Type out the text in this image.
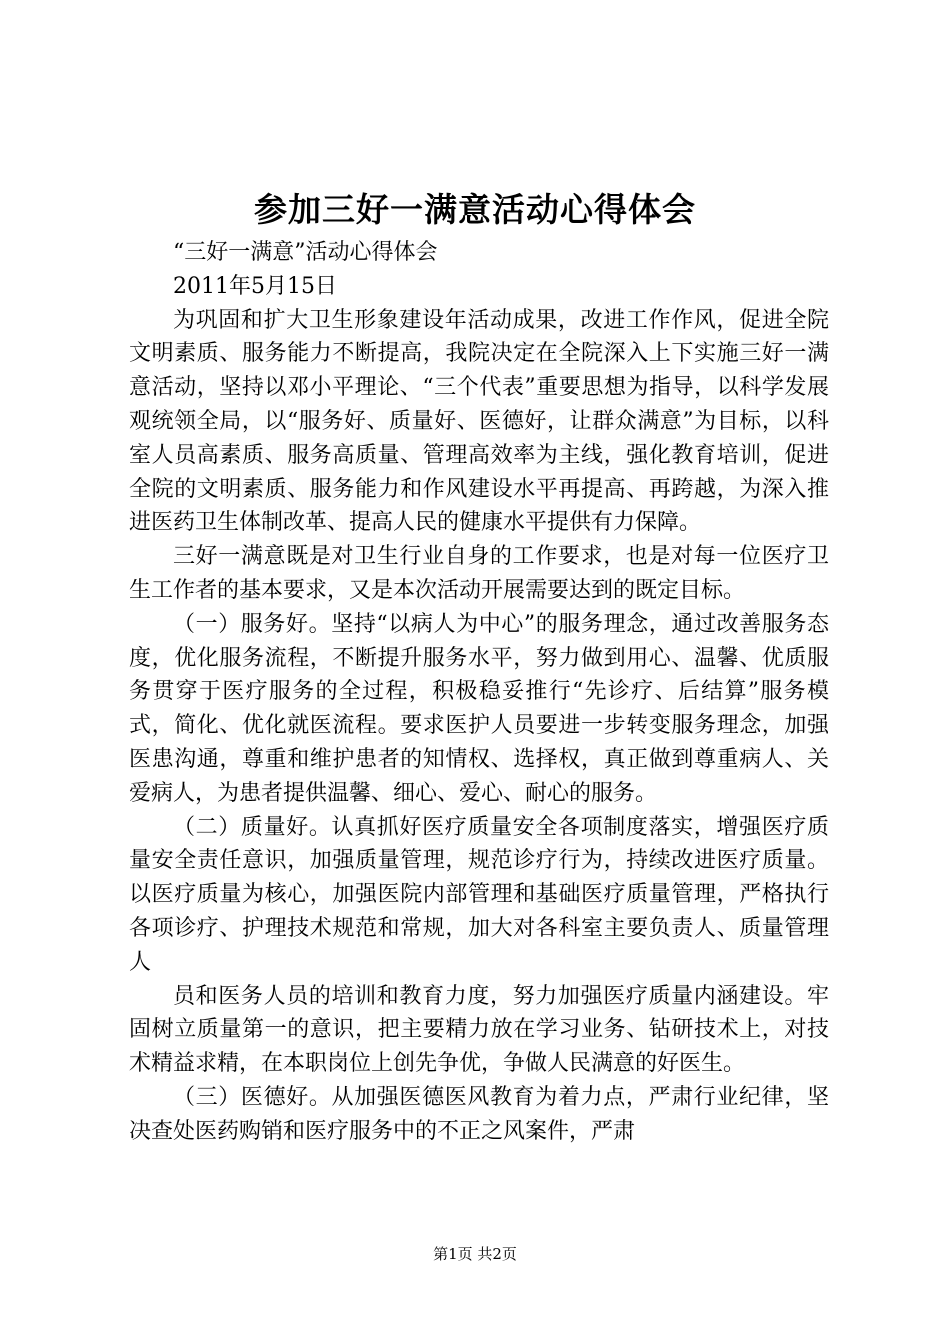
参加三好一满意活动心得体会

“三好一满意”活动心得体会

2011年5月15日

为巩固和扩大卫生形象建设年活动成果，改进工作作风，促进全院文明素质、服务能力不断提高，我院决定在全院深入上下实施三好一满意活动，坚持以邓小平理论、“三个代表”重要思想为指导，以科学发展观统领全局，以“服务好、质量好、医德好，让群众满意”为目标，以科室人员高素质、服务高质量、管理高效率为主线，强化教育培训，促进全院的文明素质、服务能力和作风建设水平再提高、再跨越，为深入推进医药卫生体制改革、提高人民的健康水平提供有力保障。

三好一满意既是对卫生行业自身的工作要求，也是对每一位医疗卫生工作者的基本要求，又是本次活动开展需要达到的既定目标。

（一）服务好。坚持“以病人为中心”的服务理念，通过改善服务态度，优化服务流程，不断提升服务水平，努力做到用心、温馨、优质服务贯穿于医疗服务的全过程，积极稳妥推行“先诊疗、后结算”服务模式，简化、优化就医流程。要求医护人员要进一步转变服务理念，加强医患沟通，尊重和维护患者的知情权、选择权，真正做到尊重病人、关爱病人，为患者提供温馨、细心、爱心、耐心的服务。

（二）质量好。认真抓好医疗质量安全各项制度落实，增强医疗质量安全责任意识，加强质量管理，规范诊疗行为，持续改进医疗质量。以医疗质量为核心，加强医院内部管理和基础医疗质量管理，严格执行各项诊疗、护理技术规范和常规，加大对各科室主要负责人、质量管理人

员和医务人员的培训和教育力度，努力加强医疗质量内涵建设。牢固树立质量第一的意识，把主要精力放在学习业务、钻研技术上，对技术精益求精，在本职岗位上创先争优，争做人民满意的好医生。

（三）医德好。从加强医德医风教育为着力点，严肃行业纪律，坚决查处医药购销和医疗服务中的不正之风案件，严肃

第1页 共2页
